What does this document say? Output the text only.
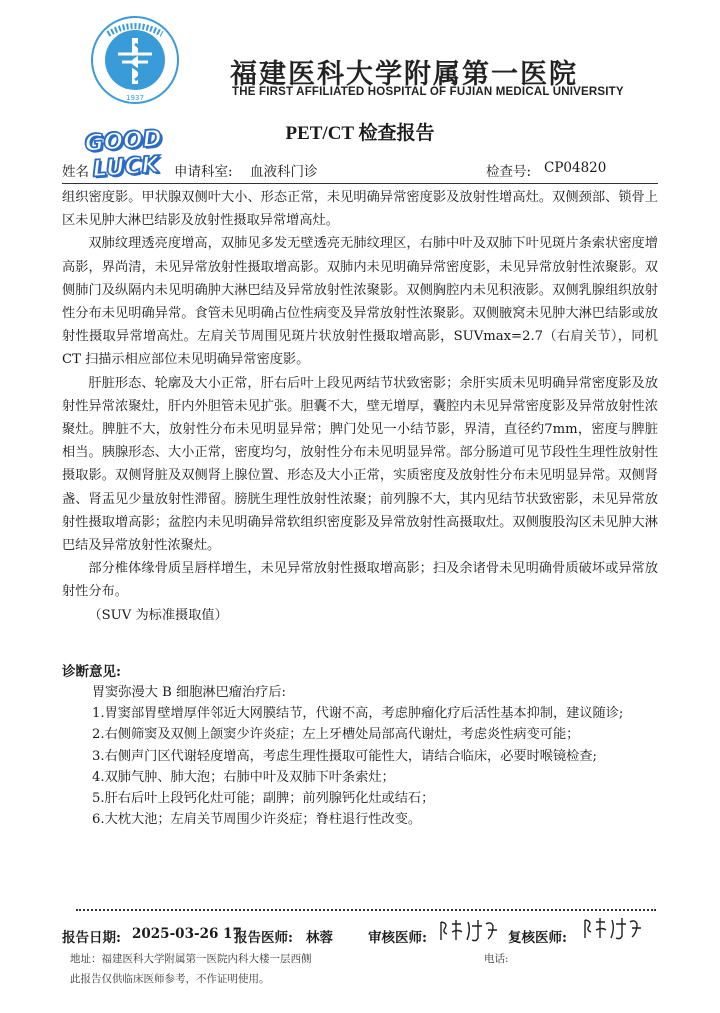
1937
福建医科大学附属第一医院
THE FIRST AFFILIATED HOSPITAL OF FUJIAN MEDICAL UNIVERSITY
PET/CT 检查报告
姓名	申请科室: 血液科门诊	检查号: CP04820
GOOD
LUCK

组织密度影。甲状腺双侧叶大小、形态正常，未见明确异常密度影及放射性增高灶。双侧颈部、锁骨上区未见肿大淋巴结影及放射性摄取异常增高灶。

双肺纹理透亮度增高，双肺见多发无壁透亮无肺纹理区，右肺中叶及双肺下叶见斑片条索状密度增高影，界尚清，未见异常放射性摄取增高影。双肺内未见明确异常密度影，未见异常放射性浓聚影。双侧肺门及纵隔内未见明确肿大淋巴结及异常放射性浓聚影。双侧胸腔内未见积液影。双侧乳腺组织放射性分布未见明确异常。食管未见明确占位性病变及异常放射性浓聚影。双侧腋窝未见肿大淋巴结影或放射性摄取异常增高灶。左肩关节周围见斑片状放射性摄取增高影，SUVmax=2.7（右肩关节），同机 CT 扫描示相应部位未见明确异常密度影。

肝脏形态、轮廓及大小正常，肝右后叶上段见两结节状致密影；余肝实质未见明确异常密度影及放射性异常浓聚灶，肝内外胆管未见扩张。胆囊不大，壁无增厚，囊腔内未见异常密度影及异常放射性浓聚灶。脾脏不大，放射性分布未见明显异常；脾门处见一小结节影，界清，直径约7mm，密度与脾脏相当。胰腺形态、大小正常，密度均匀，放射性分布未见明显异常。部分肠道可见节段性生理性放射性摄取影。双侧肾脏及双侧肾上腺位置、形态及大小正常，实质密度及放射性分布未见明显异常。双侧肾盏、肾盂见少量放射性滞留。膀胱生理性放射性浓聚；前列腺不大，其内见结节状致密影，未见异常放射性摄取增高影；盆腔内未见明确异常软组织密度影及异常放射性高摄取灶。双侧腹股沟区未见肿大淋巴结及异常放射性浓聚灶。

部分椎体缘骨质呈唇样增生，未见异常放射性摄取增高影；扫及余诸骨未见明确骨质破坏或异常放射性分布。

（SUV 为标准摄取值）

诊断意见:
胃窦弥漫大 B 细胞淋巴瘤治疗后:
1.胃窦部胃壁增厚伴邻近大网膜结节，代谢不高，考虑肿瘤化疗后活性基本抑制，建议随诊;
2.右侧筛窦及双侧上颌窦少许炎症；左上牙槽处局部高代谢灶，考虑炎性病变可能；
3.右侧声门区代谢轻度增高，考虑生理性摄取可能性大，请结合临床，必要时喉镜检查;
4.双肺气肿、肺大泡；右肺中叶及双肺下叶条索灶；
5.肝右后叶上段钙化灶可能；副脾；前列腺钙化灶或结石；
6.大枕大池；左肩关节周围少许炎症；脊柱退行性改变。
报告日期: 2025-03-26 17
报告医师: 林蓉	审核医师:	复核医师:
地址：福建医科大学附属第一医院内科大楼一层西侧	电话:
此报告仅供临床医师参考，不作证明使用。
